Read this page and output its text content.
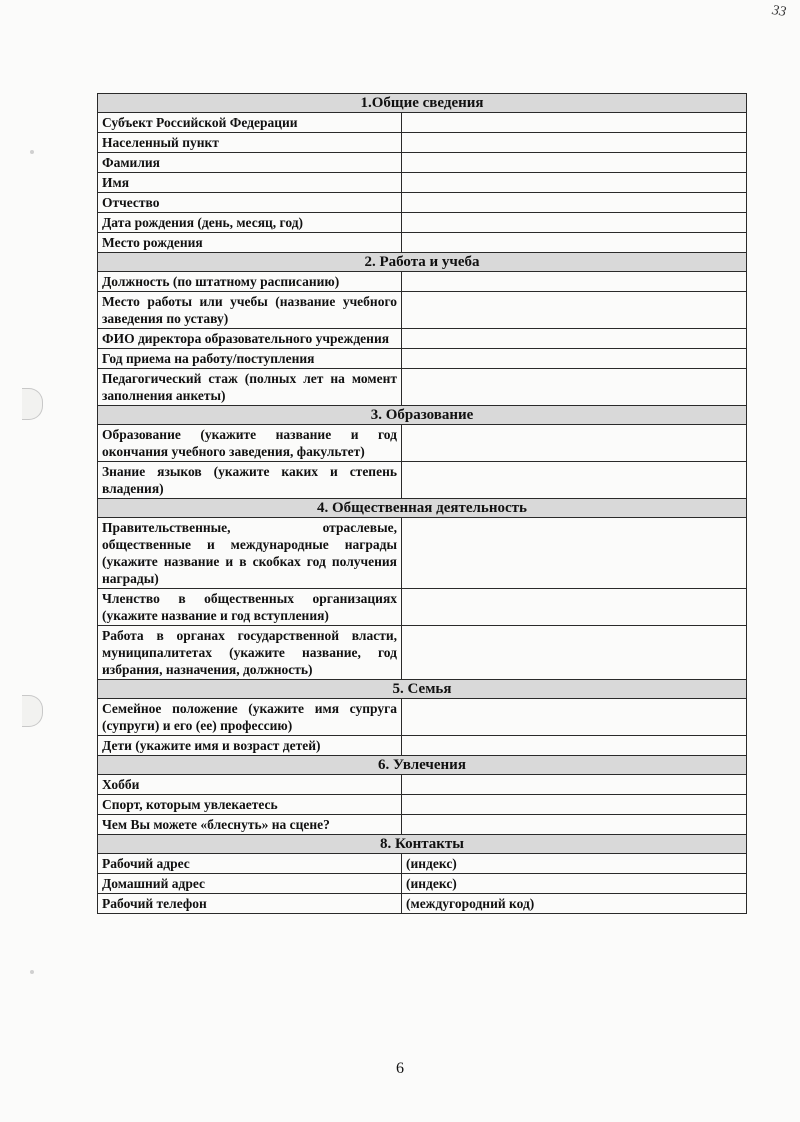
33
1.Общие сведения	
Субъект Российской Федерации	
Населенный пункт	
Фамилия	
Имя	
Отчество	
Дата рождения (день, месяц, год)	
Место рождения	
2. Работа и учеба	
Должность (по штатному расписанию)	
Место работы или учебы (название учебного заведения по уставу)	
ФИО директора образовательного учреждения	
Год приема на работу/поступления	
Педагогический стаж (полных лет на момент заполнения анкеты)	
3. Образование	
Образование (укажите название и год окончания учебного заведения, факультет)	
Знание языков (укажите каких и степень владения)	
4. Общественная деятельность	
Правительственные, отраслевые, общественные и международные награды (укажите название и в скобках год получения награды)	
Членство в общественных организациях (укажите название и год вступления)	
Работа в органах государственной власти, муниципалитетах (укажите название, год избрания, назначения, должность)	
5. Семья	
Семейное положение (укажите имя супруга (супруги) и его (ее) профессию)	
Дети (укажите имя и возраст детей)	
6. Увлечения	
Хобби	
Спорт, которым увлекаетесь	
Чем Вы можете «блеснуть» на сцене?	
8. Контакты	
Рабочий адрес	(индекс)
Домашний адрес	(индекс)
Рабочий телефон	(междугородний код)
6
